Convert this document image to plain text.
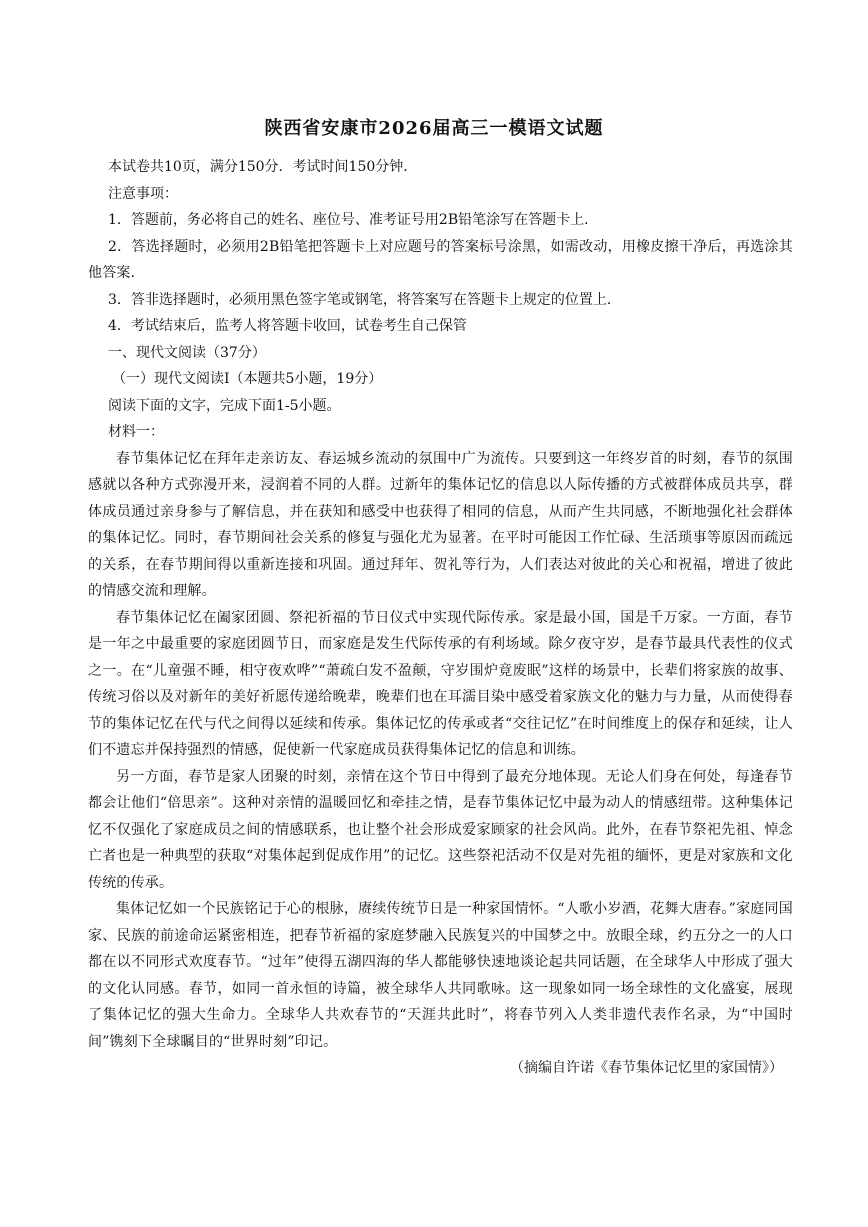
陕西省安康市2026届高三一模语文试题

本试卷共10页，满分150分．考试时间150分钟．

注意事项：

1．答题前，务必将自己的姓名、座位号、准考证号用2B铅笔涂写在答题卡上．

2．答选择题时，必须用2B铅笔把答题卡上对应题号的答案标号涂黑，如需改动，用橡皮擦干净后，再选涂其他答案．

3．答非选择题时，必须用黑色签字笔或钢笔，将答案写在答题卡上规定的位置上．

4．考试结束后，监考人将答题卡收回，试卷考生自己保管

一、现代文阅读（37分）

（一）现代文阅读I（本题共5小题，19分）

阅读下面的文字，完成下面1-5小题。

材料一：

春节集体记忆在拜年走亲访友、春运城乡流动的氛围中广为流传。只要到这一年终岁首的时刻，春节的氛围感就以各种方式弥漫开来，浸润着不同的人群。过新年的集体记忆的信息以人际传播的方式被群体成员共享，群体成员通过亲身参与了解信息，并在获知和感受中也获得了相同的信息，从而产生共同感，不断地强化社会群体的集体记忆。同时，春节期间社会关系的修复与强化尤为显著。在平时可能因工作忙碌、生活琐事等原因而疏远的关系，在春节期间得以重新连接和巩固。通过拜年、贺礼等行为，人们表达对彼此的关心和祝福，增进了彼此的情感交流和理解。

春节集体记忆在阖家团圆、祭祀祈福的节日仪式中实现代际传承。家是最小国，国是千万家。一方面，春节是一年之中最重要的家庭团圆节日，而家庭是发生代际传承的有利场域。除夕夜守岁，是春节最具代表性的仪式之一。在“儿童强不睡，相守夜欢哗”“萧疏白发不盈颠，守岁围炉竟废眠”这样的场景中，长辈们将家族的故事、传统习俗以及对新年的美好祈愿传递给晚辈，晚辈们也在耳濡目染中感受着家族文化的魅力与力量，从而使得春节的集体记忆在代与代之间得以延续和传承。集体记忆的传承或者“交往记忆”在时间维度上的保存和延续，让人们不遗忘并保持强烈的情感，促使新一代家庭成员获得集体记忆的信息和训练。

另一方面，春节是家人团聚的时刻，亲情在这个节日中得到了最充分地体现。无论人们身在何处，每逢春节都会让他们“倍思亲”。这种对亲情的温暖回忆和牵挂之情，是春节集体记忆中最为动人的情感纽带。这种集体记忆不仅强化了家庭成员之间的情感联系，也让整个社会形成爱家顾家的社会风尚。此外，在春节祭祀先祖、悼念亡者也是一种典型的获取“对集体起到促成作用”的记忆。这些祭祀活动不仅是对先祖的缅怀，更是对家族和文化传统的传承。

集体记忆如一个民族铭记于心的根脉，赓续传统节日是一种家国情怀。“人歌小岁酒，花舞大唐春。”家庭同国家、民族的前途命运紧密相连，把春节祈福的家庭梦融入民族复兴的中国梦之中。放眼全球，约五分之一的人口都在以不同形式欢度春节。“过年”使得五湖四海的华人都能够快速地谈论起共同话题，在全球华人中形成了强大的文化认同感。春节，如同一首永恒的诗篇，被全球华人共同歌咏。这一现象如同一场全球性的文化盛宴，展现了集体记忆的强大生命力。全球华人共欢春节的“天涯共此时”，将春节列入人类非遗代表作名录，为“中国时间”镌刻下全球瞩目的“世界时刻”印记。

（摘编自许诺《春节集体记忆里的家国情》）
